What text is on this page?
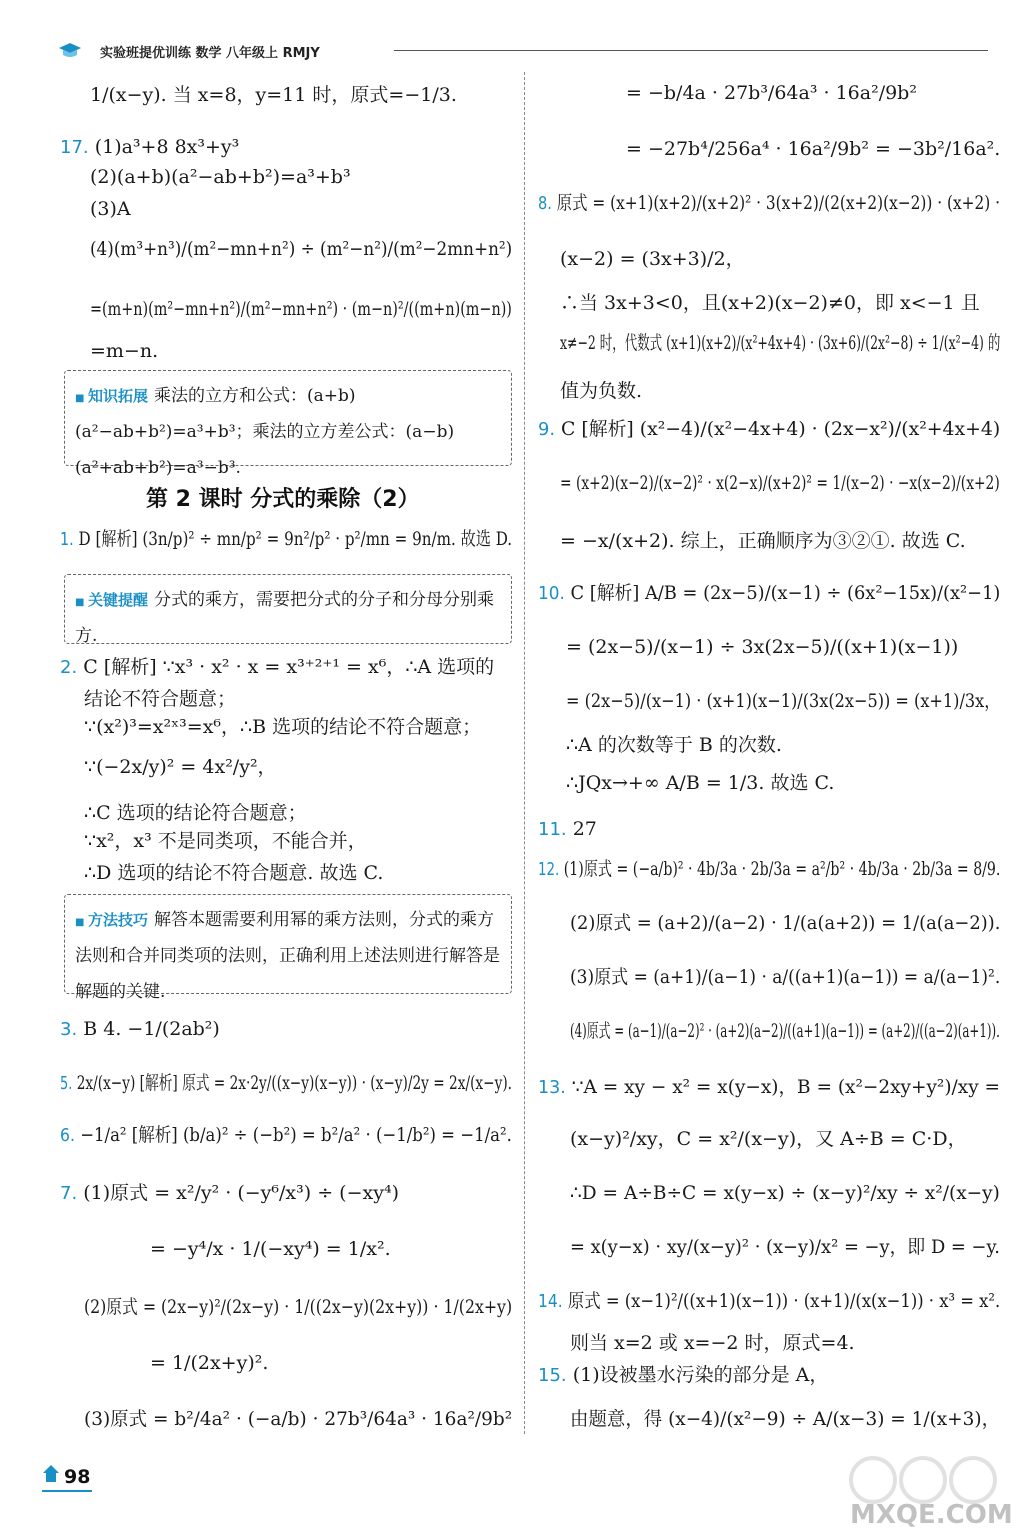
实验班提优训练 数学 八年级上 RMJY
1/(x−y). 当 x=8，y=11 时，原式=−1/3.
17. (1)a³+8 8x³+y³
(2)(a+b)(a²−ab+b²)=a³+b³
(3)A
(4)(m³+n³)/(m²−mn+n²) ÷ (m²−n²)/(m²−2mn+n²)
=(m+n)(m²−mn+n²)/(m²−mn+n²) · (m−n)²/((m+n)(m−n))
=m−n.
1. D [解析] (3n/p)² ÷ mn/p² = 9n²/p² · p²/mn = 9n/m. 故选 D.
2. C [解析] ∵x³ · x² · x = x³⁺²⁺¹ = x⁶，∴A 选项的
结论不符合题意；
∵(x²)³=x²ˣ³=x⁶，∴B 选项的结论不符合题意；
∵(−2x/y)² = 4x²/y²，
∴C 选项的结论符合题意；
∵x²，x³ 不是同类项，不能合并，
∴D 选项的结论不符合题意. 故选 C.
3. B 4. −1/(2ab²)
5. 2x/(x−y) [解析] 原式 = 2x·2y/((x−y)(x−y)) · (x−y)/2y = 2x/(x−y).
6. −1/a² [解析] (b/a)² ÷ (−b²) = b²/a² · (−1/b²) = −1/a².
7. (1)原式 = x²/y² · (−y⁶/x³) ÷ (−xy⁴)
= −y⁴/x · 1/(−xy⁴) = 1/x².
(2)原式 = (2x−y)²/(2x−y) · 1/((2x−y)(2x+y)) · 1/(2x+y)
= 1/(2x+y)².
(3)原式 = b²/4a² · (−a/b) · 27b³/64a³ · 16a²/9b²
= −b/4a · 27b³/64a³ · 16a²/9b²
= −27b⁴/256a⁴ · 16a²/9b² = −3b²/16a².
8. 原式 = (x+1)(x+2)/(x+2)² · 3(x+2)/(2(x+2)(x−2)) · (x+2) ·
(x−2) = (3x+3)/2，
∴当 3x+3<0，且(x+2)(x−2)≠0，即 x<−1 且
x≠−2 时，代数式 (x+1)(x+2)/(x²+4x+4) · (3x+6)/(2x²−8) ÷ 1/(x²−4) 的
值为负数.
9. C [解析] (x²−4)/(x²−4x+4) · (2x−x²)/(x²+4x+4)
= (x+2)(x−2)/(x−2)² · x(2−x)/(x+2)² = 1/(x−2) · −x(x−2)/(x+2)
= −x/(x+2). 综上，正确顺序为③②①. 故选 C.
10. C [解析] A/B = (2x−5)/(x−1) ÷ (6x²−15x)/(x²−1)
= (2x−5)/(x−1) ÷ 3x(2x−5)/((x+1)(x−1))
= (2x−5)/(x−1) · (x+1)(x−1)/(3x(2x−5)) = (x+1)/3x，
∴A 的次数等于 B 的次数.
∴JQx→+∞ A/B = 1/3. 故选 C.
11. 27
12. (1)原式 = (−a/b)² · 4b/3a · 2b/3a = a²/b² · 4b/3a · 2b/3a = 8/9.
(2)原式 = (a+2)/(a−2) · 1/(a(a+2)) = 1/(a(a−2)).
(3)原式 = (a+1)/(a−1) · a/((a+1)(a−1)) = a/(a−1)².
(4)原式 = (a−1)/(a−2)² · (a+2)(a−2)/((a+1)(a−1)) = (a+2)/((a−2)(a+1)).
13. ∵A = xy − x² = x(y−x)，B = (x²−2xy+y²)/xy =
(x−y)²/xy，C = x²/(x−y)，又 A÷B = C·D，
∴D = A÷B÷C = x(y−x) ÷ (x−y)²/xy ÷ x²/(x−y)
= x(y−x) · xy/(x−y)² · (x−y)/x² = −y，即 D = −y.
14. 原式 = (x−1)²/((x+1)(x−1)) · (x+1)/(x(x−1)) · x³ = x².
则当 x=2 或 x=−2 时，原式=4.
15. (1)设被墨水污染的部分是 A，
由题意，得 (x−4)/(x²−9) ÷ A/(x−3) = 1/(x+3)，
■ 知识拓展 乘法的立方和公式：(a+b)(a²−ab+b²)=a³+b³；乘法的立方差公式：(a−b)(a²+ab+b²)=a³−b³.
第 2 课时 分式的乘除（2）
■ 关键提醒 分式的乘方，需要把分式的分子和分母分别乘方.
■ 方法技巧 解答本题需要利用幂的乘方法则，分式的乘方法则和合并同类项的法则，正确利用上述法则进行解答是解题的关键.
98
MXQE.COM
